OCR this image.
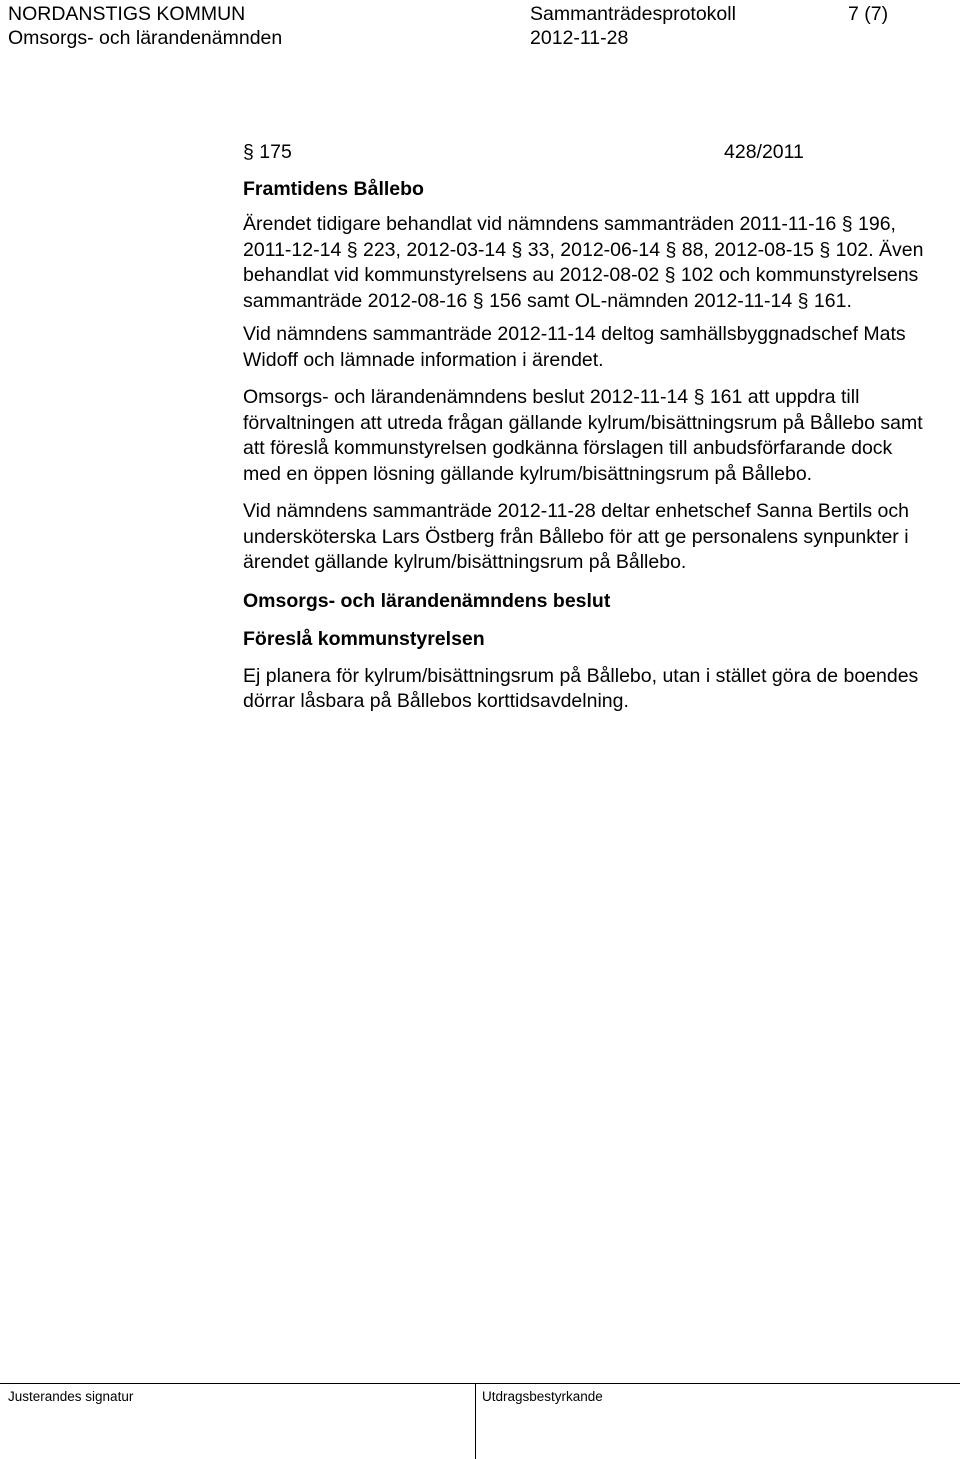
NORDANSTIGS KOMMUN
Omsorgs- och lärandenämnden
Sammanträdesprotokoll
2012-11-28
7 (7)
§ 175	428/2011
Framtidens Bållebo
Ärendet tidigare behandlat vid nämndens sammanträden 2011-11-16 § 196, 2011-12-14 § 223, 2012-03-14 § 33, 2012-06-14 § 88, 2012-08-15 § 102. Även behandlat vid kommunstyrelsens au 2012-08-02 § 102 och kommunstyrelsens sammanträde 2012-08-16 § 156 samt OL-nämnden 2012-11-14 § 161.
Vid nämndens sammanträde 2012-11-14 deltog samhällsbyggnadschef Mats Widoff och lämnade information i ärendet.
Omsorgs- och lärandenämndens beslut 2012-11-14 § 161 att uppdra till förvaltningen att utreda frågan gällande kylrum/bisättningsrum på Bållebo samt att föreslå kommunstyrelsen godkänna förslagen till anbudsförfarande dock med en öppen lösning gällande kylrum/bisättningsrum på Bållebo.
Vid nämndens sammanträde 2012-11-28 deltar enhetschef Sanna Bertils och undersköterska Lars Östberg från Bållebo för att ge personalens synpunkter i ärendet gällande kylrum/bisättningsrum på Bållebo.
Omsorgs- och lärandenämndens beslut
Föreslå kommunstyrelsen
Ej planera för kylrum/bisättningsrum på Bållebo, utan i stället göra de boendes dörrar låsbara på Bållebos korttidsavdelning.
Justerandes signatur	Utdragsbestyrkande
